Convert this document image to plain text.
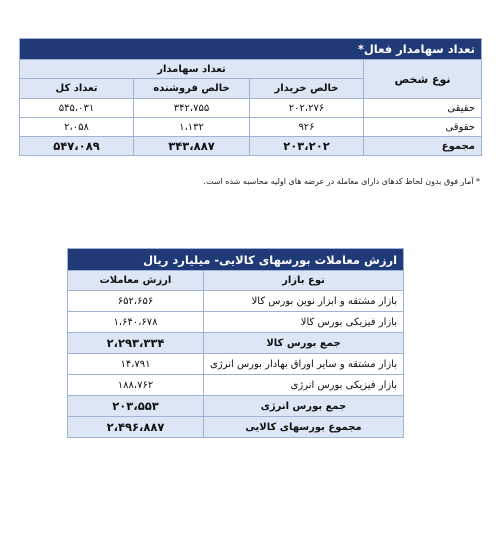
تعداد سهامدار فعال*			
نوع شخص	تعداد سهامدار		
	خالص خریدار	خالص فروشنده	تعداد کل
حقیقی	۲۰۲،۲۷۶	۳۴۲،۷۵۵	۵۴۵،۰۳۱
حقوقی	۹۲۶	۱،۱۳۲	۲،۰۵۸
مجموع	۲۰۳،۲۰۲	۳۴۳،۸۸۷	۵۴۷،۰۸۹
* آمار فوق بدون لحاظ کدهای دارای معامله در عرضه های اولیه محاسبه شده است.
ارزش معاملات بورسهای کالایی- میلیارد ریال	
نوع بازار	ارزش معاملات
بازار مشتقه و ابزار نوین بورس کالا	۶۵۲،۶۵۶
بازار فیزیکی بورس کالا	۱،۶۴۰،۶۷۸
جمع بورس کالا	۲،۲۹۳،۳۳۴
بازار مشتقه و سایر اوراق بهادار بورس انرژی	۱۴،۷۹۱
بازار فیزیکی بورس انرژی	۱۸۸،۷۶۲
جمع بورس انرژی	۲۰۳،۵۵۳
مجموع بورسهای کالایی	۲،۴۹۶،۸۸۷
